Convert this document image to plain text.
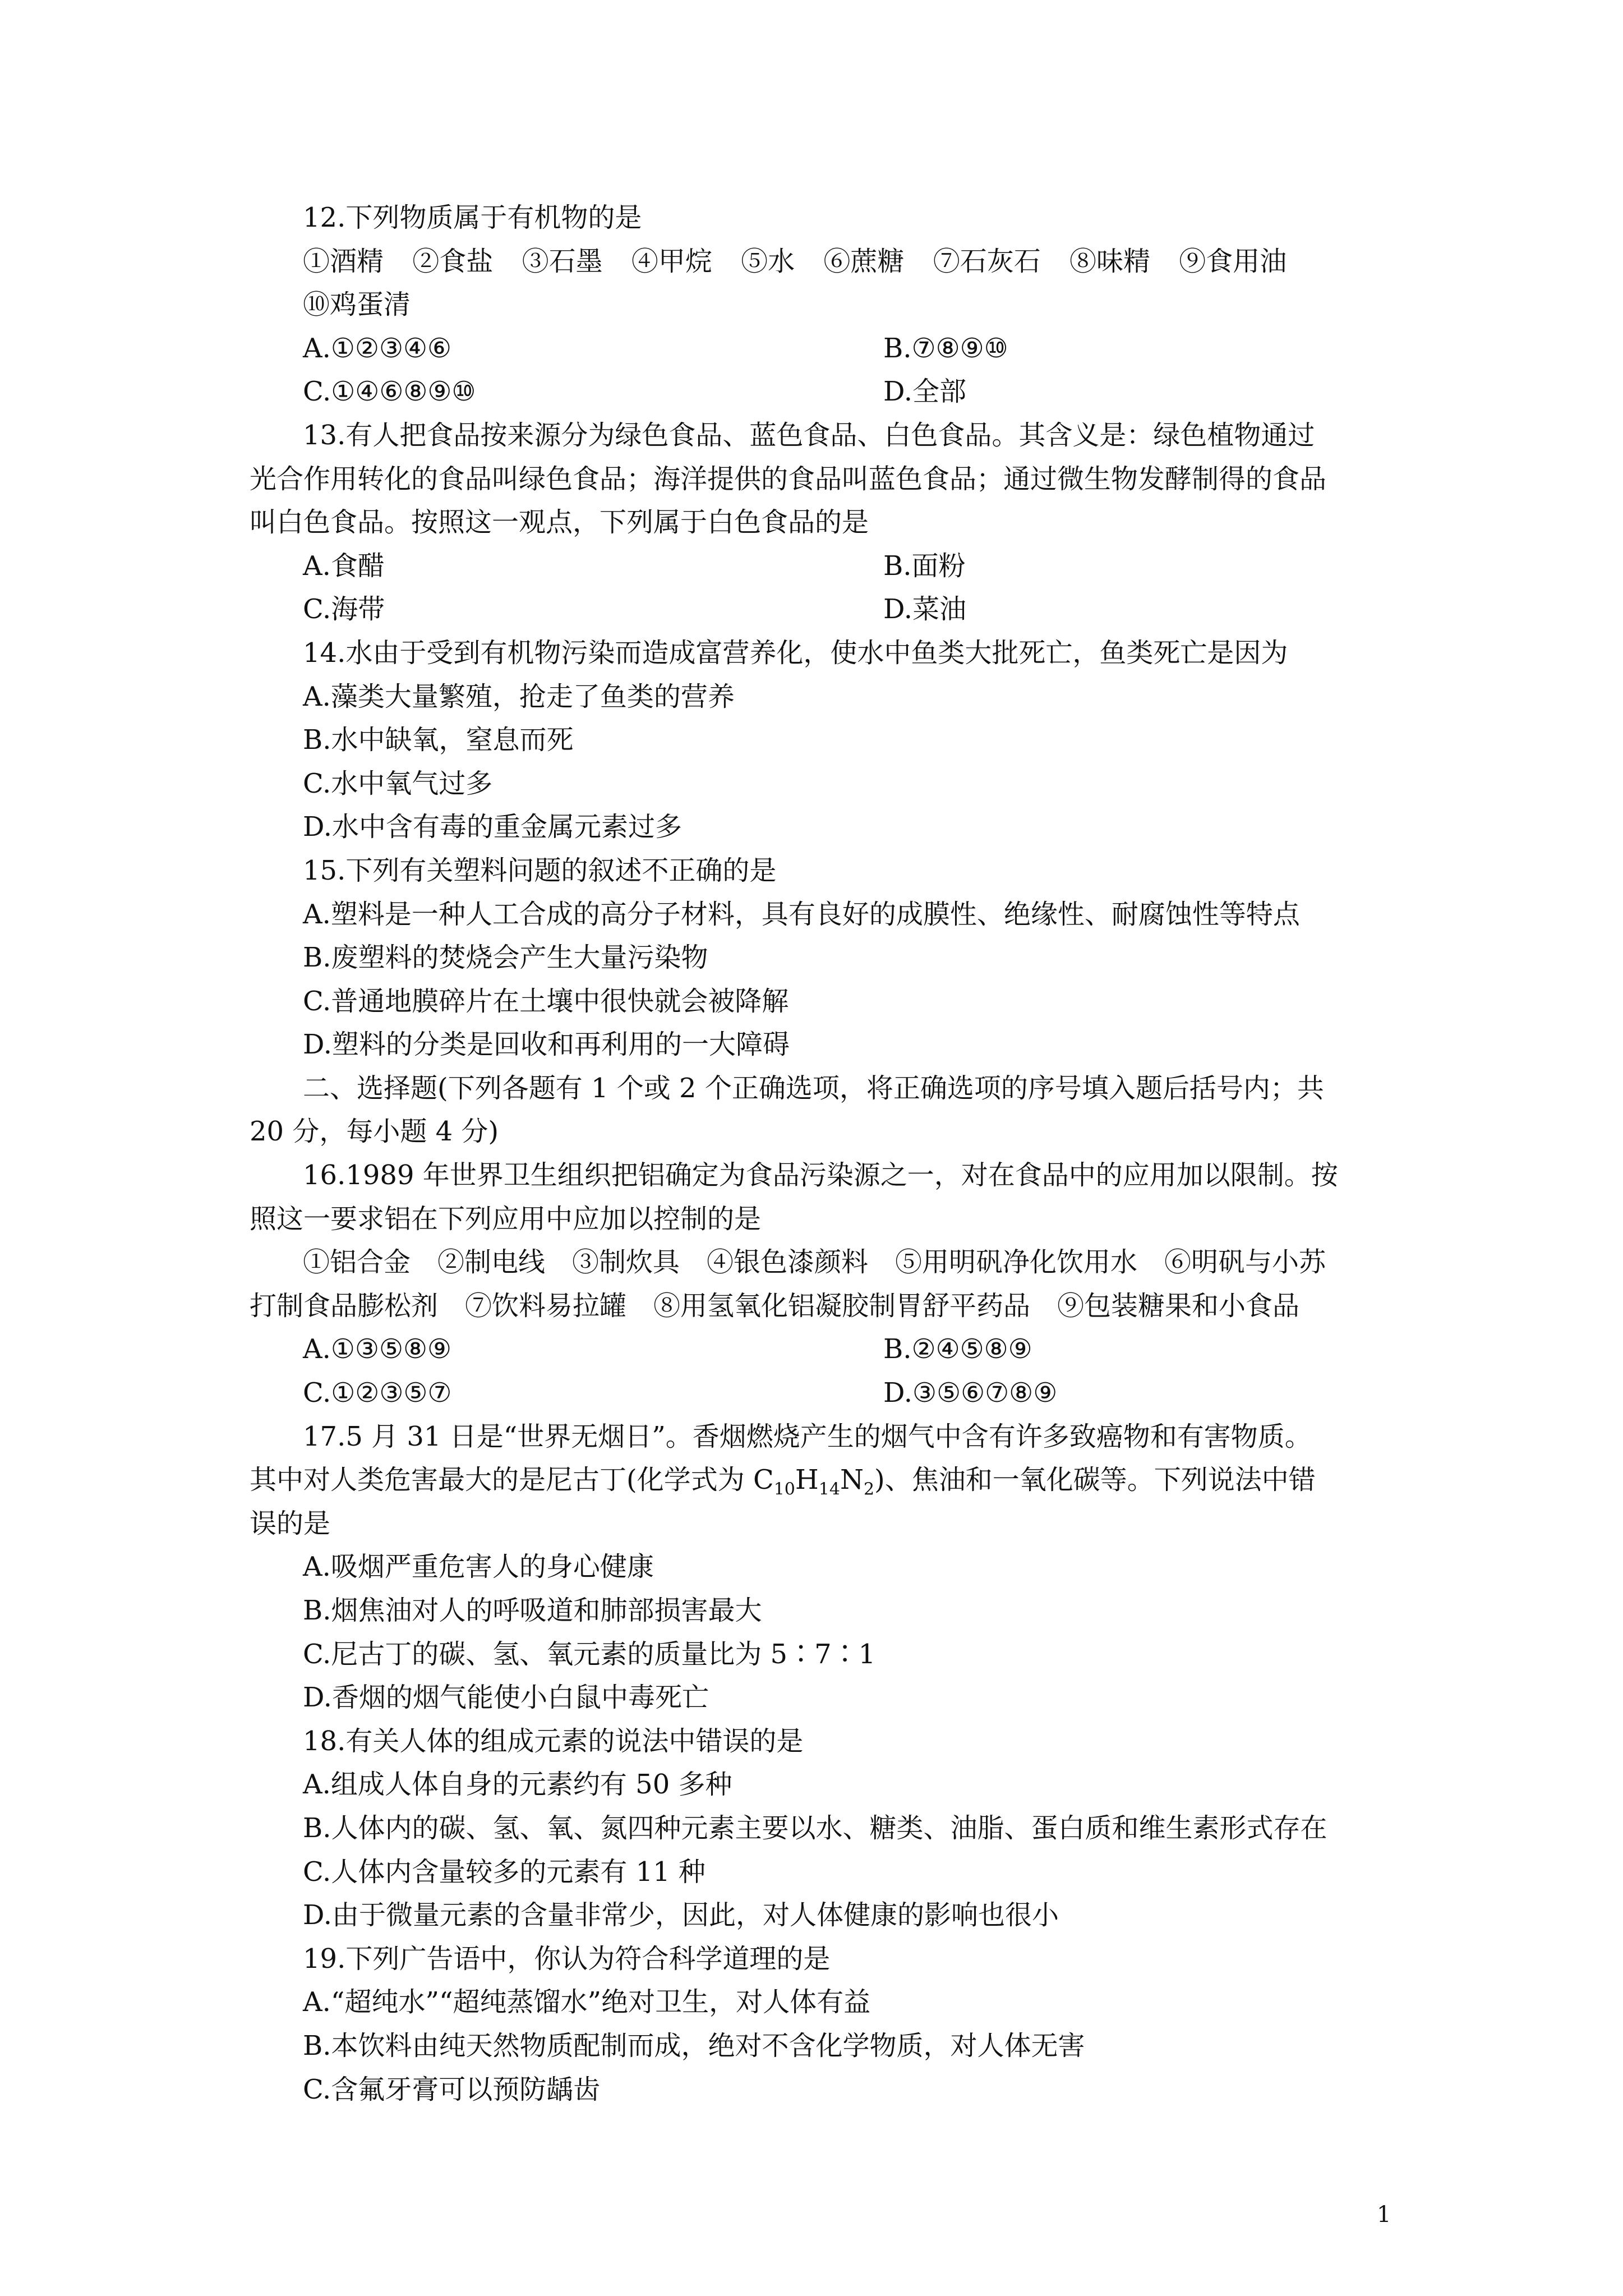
12.下列物质属于有机物的是
①酒精 ②食盐 ③石墨 ④甲烷 ⑤水 ⑥蔗糖 ⑦石灰石 ⑧味精 ⑨食用油
⑩鸡蛋清
A.①②③④⑥	B.⑦⑧⑨⑩
C.①④⑥⑧⑨⑩	D.全部
13.有人把食品按来源分为绿色食品、蓝色食品、白色食品。其含义是：绿色植物通过
光合作用转化的食品叫绿色食品；海洋提供的食品叫蓝色食品；通过微生物发酵制得的食品
叫白色食品。按照这一观点，下列属于白色食品的是
A.食醋	B.面粉
C.海带	D.菜油
14.水由于受到有机物污染而造成富营养化，使水中鱼类大批死亡，鱼类死亡是因为
A.藻类大量繁殖，抢走了鱼类的营养
B.水中缺氧，窒息而死
C.水中氧气过多
D.水中含有毒的重金属元素过多
15.下列有关塑料问题的叙述不正确的是
A.塑料是一种人工合成的高分子材料，具有良好的成膜性、绝缘性、耐腐蚀性等特点
B.废塑料的焚烧会产生大量污染物
C.普通地膜碎片在土壤中很快就会被降解
D.塑料的分类是回收和再利用的一大障碍
二、选择题(下列各题有 1 个或 2 个正确选项，将正确选项的序号填入题后括号内；共
20 分，每小题 4 分)
16.1989 年世界卫生组织把铝确定为食品污染源之一，对在食品中的应用加以限制。按
照这一要求铝在下列应用中应加以控制的是
①铝合金　②制电线　③制炊具　④银色漆颜料　⑤用明矾净化饮用水　⑥明矾与小苏
打制食品膨松剂　⑦饮料易拉罐　⑧用氢氧化铝凝胶制胃舒平药品　⑨包装糖果和小食品
A.①③⑤⑧⑨	B.②④⑤⑧⑨
C.①②③⑤⑦	D.③⑤⑥⑦⑧⑨
17.5 月 31 日是“世界无烟日”。香烟燃烧产生的烟气中含有许多致癌物和有害物质。
其中对人类危害最大的是尼古丁(化学式为 $C_{10}H_{14}N_2$)、焦油和一氧化碳等。下列说法中错
误的是
A.吸烟严重危害人的身心健康
B.烟焦油对人的呼吸道和肺部损害最大
C.尼古丁的碳、氢、氧元素的质量比为 5∶7∶1
D.香烟的烟气能使小白鼠中毒死亡
18.有关人体的组成元素的说法中错误的是
A.组成人体自身的元素约有 50 多种
B.人体内的碳、氢、氧、氮四种元素主要以水、糖类、油脂、蛋白质和维生素形式存在
C.人体内含量较多的元素有 11 种
D.由于微量元素的含量非常少，因此，对人体健康的影响也很小
19.下列广告语中，你认为符合科学道理的是
A.“超纯水”“超纯蒸馏水”绝对卫生，对人体有益
B.本饮料由纯天然物质配制而成，绝对不含化学物质，对人体无害
C.含氟牙膏可以预防龋齿
1
